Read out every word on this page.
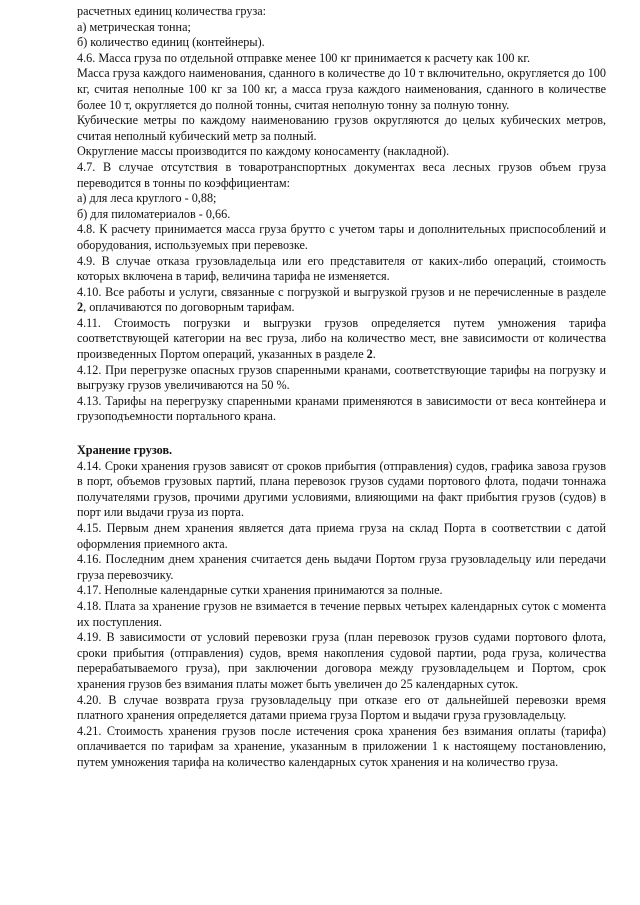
расчетных единиц количества груза:

а) метрическая тонна;

б) количество единиц (контейнеры).

4.6. Масса груза по отдельной отправке менее 100 кг принимается к расчету как 100 кг.

Масса груза каждого наименования, сданного в количестве до 10 т включительно, округляется до 100 кг, считая неполные 100 кг за 100 кг, а масса груза каждого наименования, сданного в количестве более 10 т, округляется до полной тонны, считая неполную тонну за полную тонну.

Кубические метры по каждому наименованию грузов округляются до целых кубических метров, считая неполный кубический метр за полный.

Округление массы производится по каждому коносаменту (накладной).

4.7. В случае отсутствия в товаротранспортных документах веса лесных грузов объем груза переводится в тонны по коэффициентам:

а) для леса круглого - 0,88;

б) для пиломатериалов - 0,66.

4.8. К расчету принимается масса груза брутто с учетом тары и дополнительных приспособлений и оборудования, используемых при перевозке.

4.9. В случае отказа грузовладельца или его представителя от каких-либо операций, стоимость которых включена в тариф, величина тарифа не изменяется.

4.10. Все работы и услуги, связанные с погрузкой и выгрузкой грузов и не перечисленные в разделе 2, оплачиваются по договорным тарифам.

4.11. Стоимость погрузки и выгрузки грузов определяется путем умножения тарифа соответствующей категории на вес груза, либо на количество мест, вне зависимости от количества произведенных Портом операций, указанных в разделе 2.

4.12. При перегрузке опасных грузов спаренными кранами, соответствующие тарифы на погрузку и выгрузку грузов увеличиваются на 50 %.

4.13. Тарифы на перегрузку спаренными кранами применяются в зависимости от веса контейнера и грузоподъемности портального крана.

Хранение грузов.

4.14. Сроки хранения грузов зависят от сроков прибытия (отправления) судов, графика завоза грузов в порт, объемов грузовых партий, плана перевозок грузов судами портового флота, подачи тоннажа получателями грузов, прочими другими условиями, влияющими на факт прибытия грузов (судов) в порт или выдачи груза из порта.

4.15. Первым днем хранения является дата приема груза на склад Порта в соответствии с датой оформления приемного акта.

4.16. Последним днем хранения считается день выдачи Портом груза грузовладельцу или передачи груза перевозчику.

4.17. Неполные календарные сутки хранения принимаются за полные.

4.18. Плата за хранение грузов не взимается в течение первых четырех календарных суток с момента их поступления.

4.19. В зависимости от условий перевозки груза (план перевозок грузов судами портового флота, сроки прибытия (отправления) судов, время накопления судовой партии, рода груза, количества перерабатываемого груза), при заключении договора между грузовладельцем и Портом, срок хранения грузов без взимания платы может быть увеличен до 25 календарных суток.

4.20. В случае возврата груза грузовладельцу при отказе его от дальнейшей перевозки время платного хранения определяется датами приема груза Портом и выдачи груза грузовладельцу.

4.21. Стоимость хранения грузов после истечения срока хранения без взимания оплаты (тарифа) оплачивается по тарифам за хранение, указанным в приложении 1 к настоящему постановлению, путем умножения тарифа на количество календарных суток хранения и на количество груза.
